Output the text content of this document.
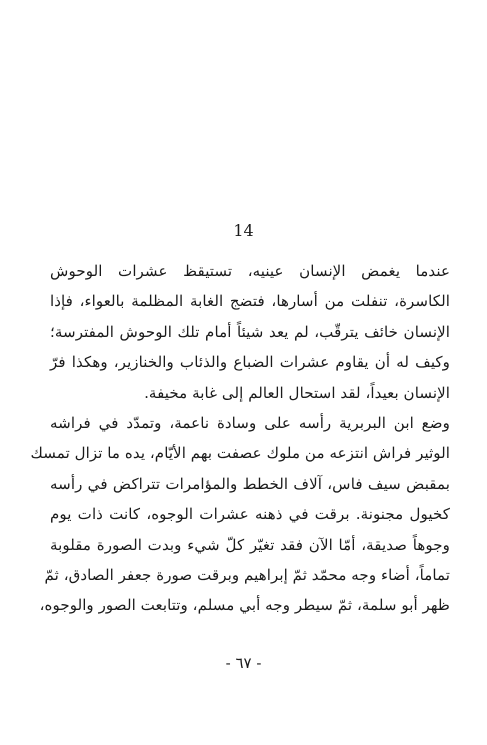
14

عندما يغمض الإنسان عينيه، تستيقظ عشرات الوحوش
الكاسرة، تنفلت من أسارها، فتضج الغابة المظلمة بالعواء، فإذا
الإنسان خائف يترقّب، لم يعد شيئاً أمام تلك الوحوش المفترسة؛
وكيف له أن يقاوم عشرات الضباع والذئاب والخنازير، وهكذا فرّ
الإنسان بعيداً، لقد استحال العالم إلى غابة مخيفة.

وضع ابن البربرية رأسه على وسادة ناعمة، وتمدّد في فراشه
الوثير فراش انتزعه من ملوك عصفت بهم الأيّام، يده ما تزال تمسك
بمقبض سيف فاس، آلاف الخطط والمؤامرات تتراكض في رأسه
كخيول مجنونة. برقت في ذهنه عشرات الوجوه، كانت ذات يوم
وجوهاً صديقة، أمّا الآن فقد تغيّر كلّ شيء وبدت الصورة مقلوبة
تماماً، أضاء وجه محمّد ثمّ إبراهيم وبرقت صورة جعفر الصادق، ثمّ
ظهر أبو سلمة، ثمّ سيطر وجه أبي مسلم، وتتابعت الصور والوجوه،

- ٦٧ -
